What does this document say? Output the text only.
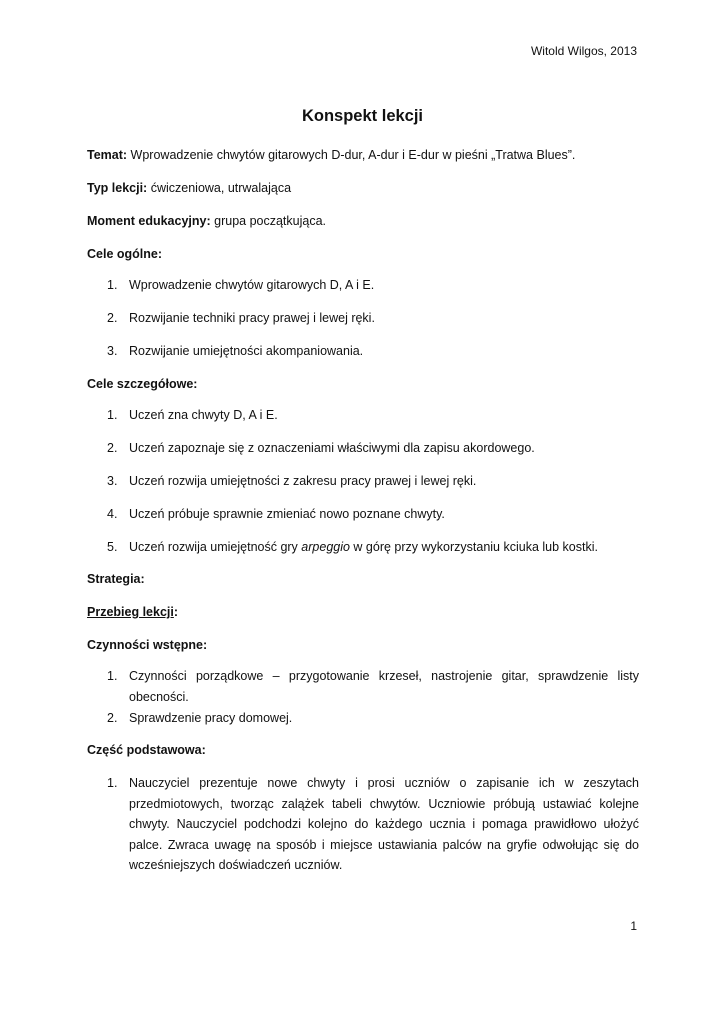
Witold Wilgos, 2013
Konspekt lekcji
Temat: Wprowadzenie chwytów gitarowych D-dur, A-dur i E-dur w pieśni „Tratwa Blues”.
Typ lekcji: ćwiczeniowa, utrwalająca
Moment edukacyjny: grupa początkująca.
Cele ogólne:
1. Wprowadzenie chwytów gitarowych D, A i E.
2. Rozwijanie techniki pracy prawej i lewej ręki.
3. Rozwijanie umiejętności akompaniowania.
Cele szczegółowe:
1. Uczeń zna chwyty D, A i E.
2. Uczeń zapoznaje się z oznaczeniami właściwymi dla zapisu akordowego.
3. Uczeń rozwija umiejętności z zakresu pracy prawej i lewej ręki.
4. Uczeń próbuje sprawnie zmieniać nowo poznane chwyty.
5. Uczeń rozwija umiejętność gry arpeggio w górę przy wykorzystaniu kciuka lub kostki.
Strategia:
Przebieg lekcji:
Czynności wstępne:
1. Czynności porządkowe – przygotowanie krzeseł, nastrojenie gitar, sprawdzenie listy obecności.
2. Sprawdzenie pracy domowej.
Część podstawowa:
1. Nauczyciel prezentuje nowe chwyty i prosi uczniów o zapisanie ich w zeszytach przedmiotowych, tworząc zalążek tabeli chwytów. Uczniowie próbują ustawiać kolejne chwyty. Nauczyciel podchodzi kolejno do każdego ucznia i pomaga prawidłowo ułożyć palce. Zwraca uwagę na sposób i miejsce ustawiania palców na gryfie odwołując się do wcześniejszych doświadczeń uczniów.
1
